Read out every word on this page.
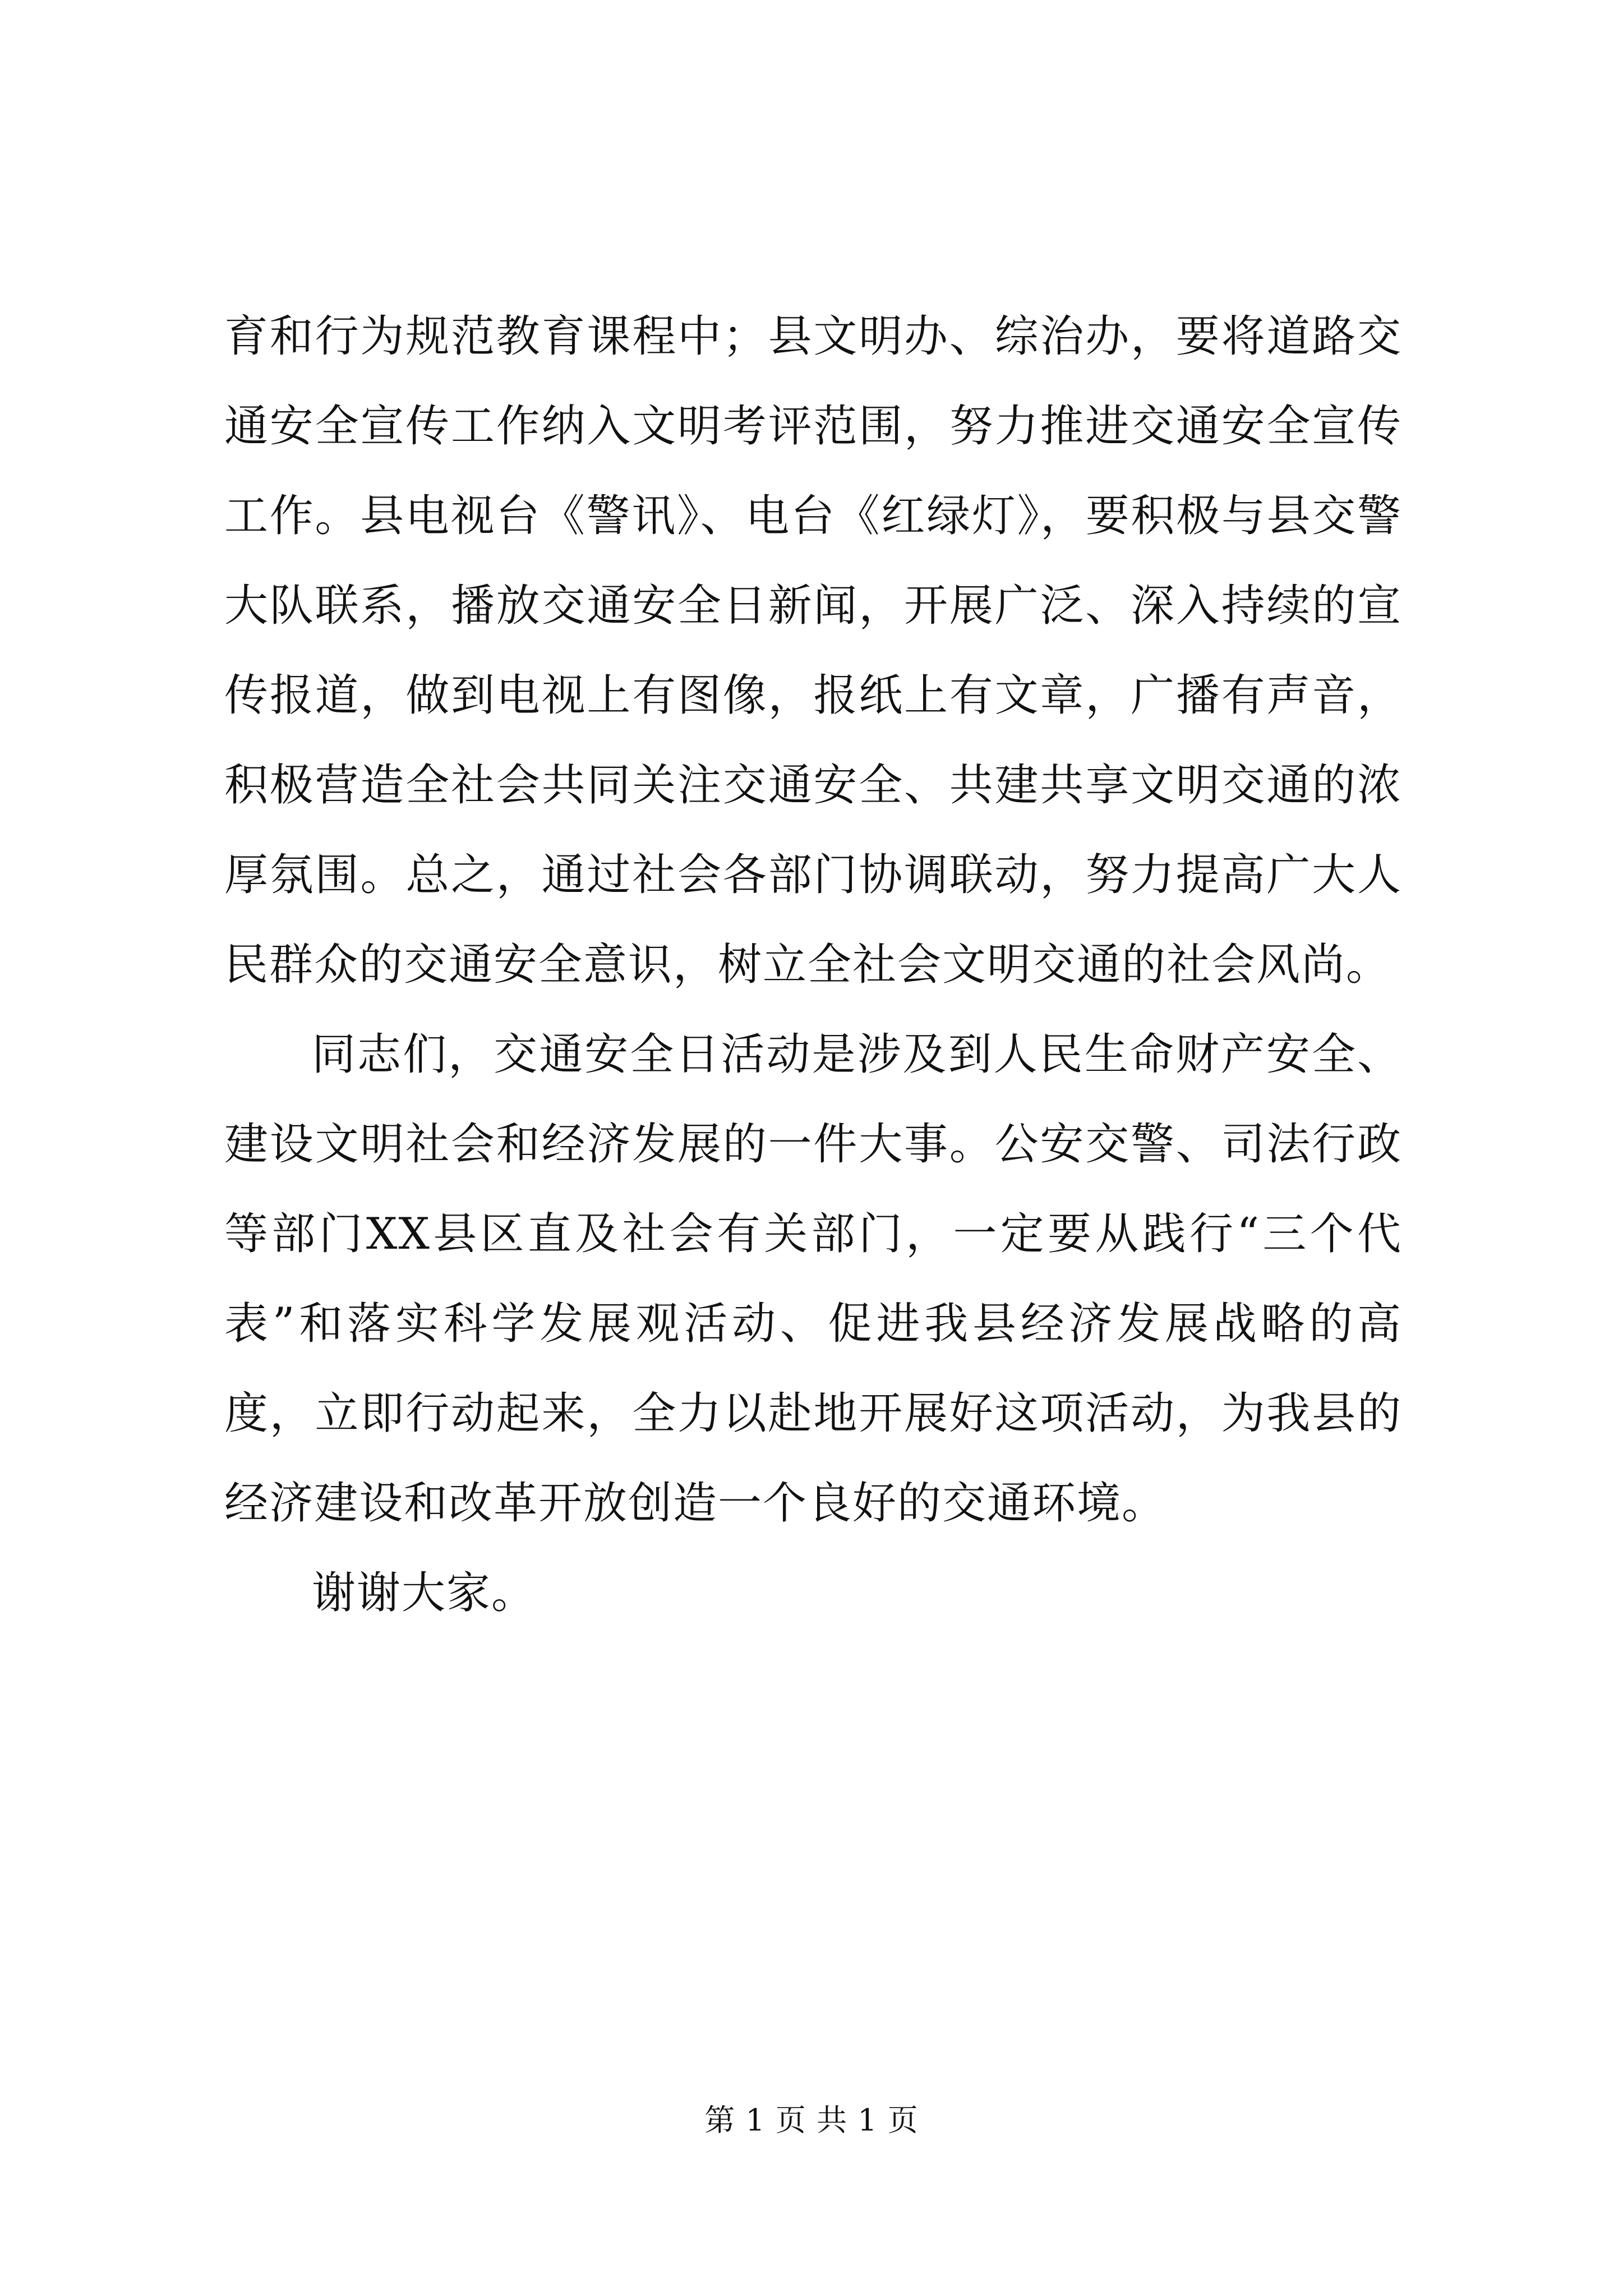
育和行为规范教育课程中；县文明办、综治办，要将道路交通安全宣传工作纳入文明考评范围，努力推进交通安全宣传工作。县电视台《警讯》、电台《红绿灯》，要积极与县交警大队联系，播放交通安全日新闻，开展广泛、深入持续的宣传报道，做到电视上有图像，报纸上有文章，广播有声音，积极营造全社会共同关注交通安全、共建共享文明交通的浓厚氛围。总之，通过社会各部门协调联动，努力提高广大人民群众的交通安全意识，树立全社会文明交通的社会风尚。

同志们，交通安全日活动是涉及到人民生命财产安全、建设文明社会和经济发展的一件大事。公安交警、司法行政等部门XX县区直及社会有关部门，一定要从践行“三个代表”和落实科学发展观活动、促进我县经济发展战略的高度，立即行动起来，全力以赴地开展好这项活动，为我县的经济建设和改革开放创造一个良好的交通环境。

谢谢大家。

第 1 页 共 1 页
